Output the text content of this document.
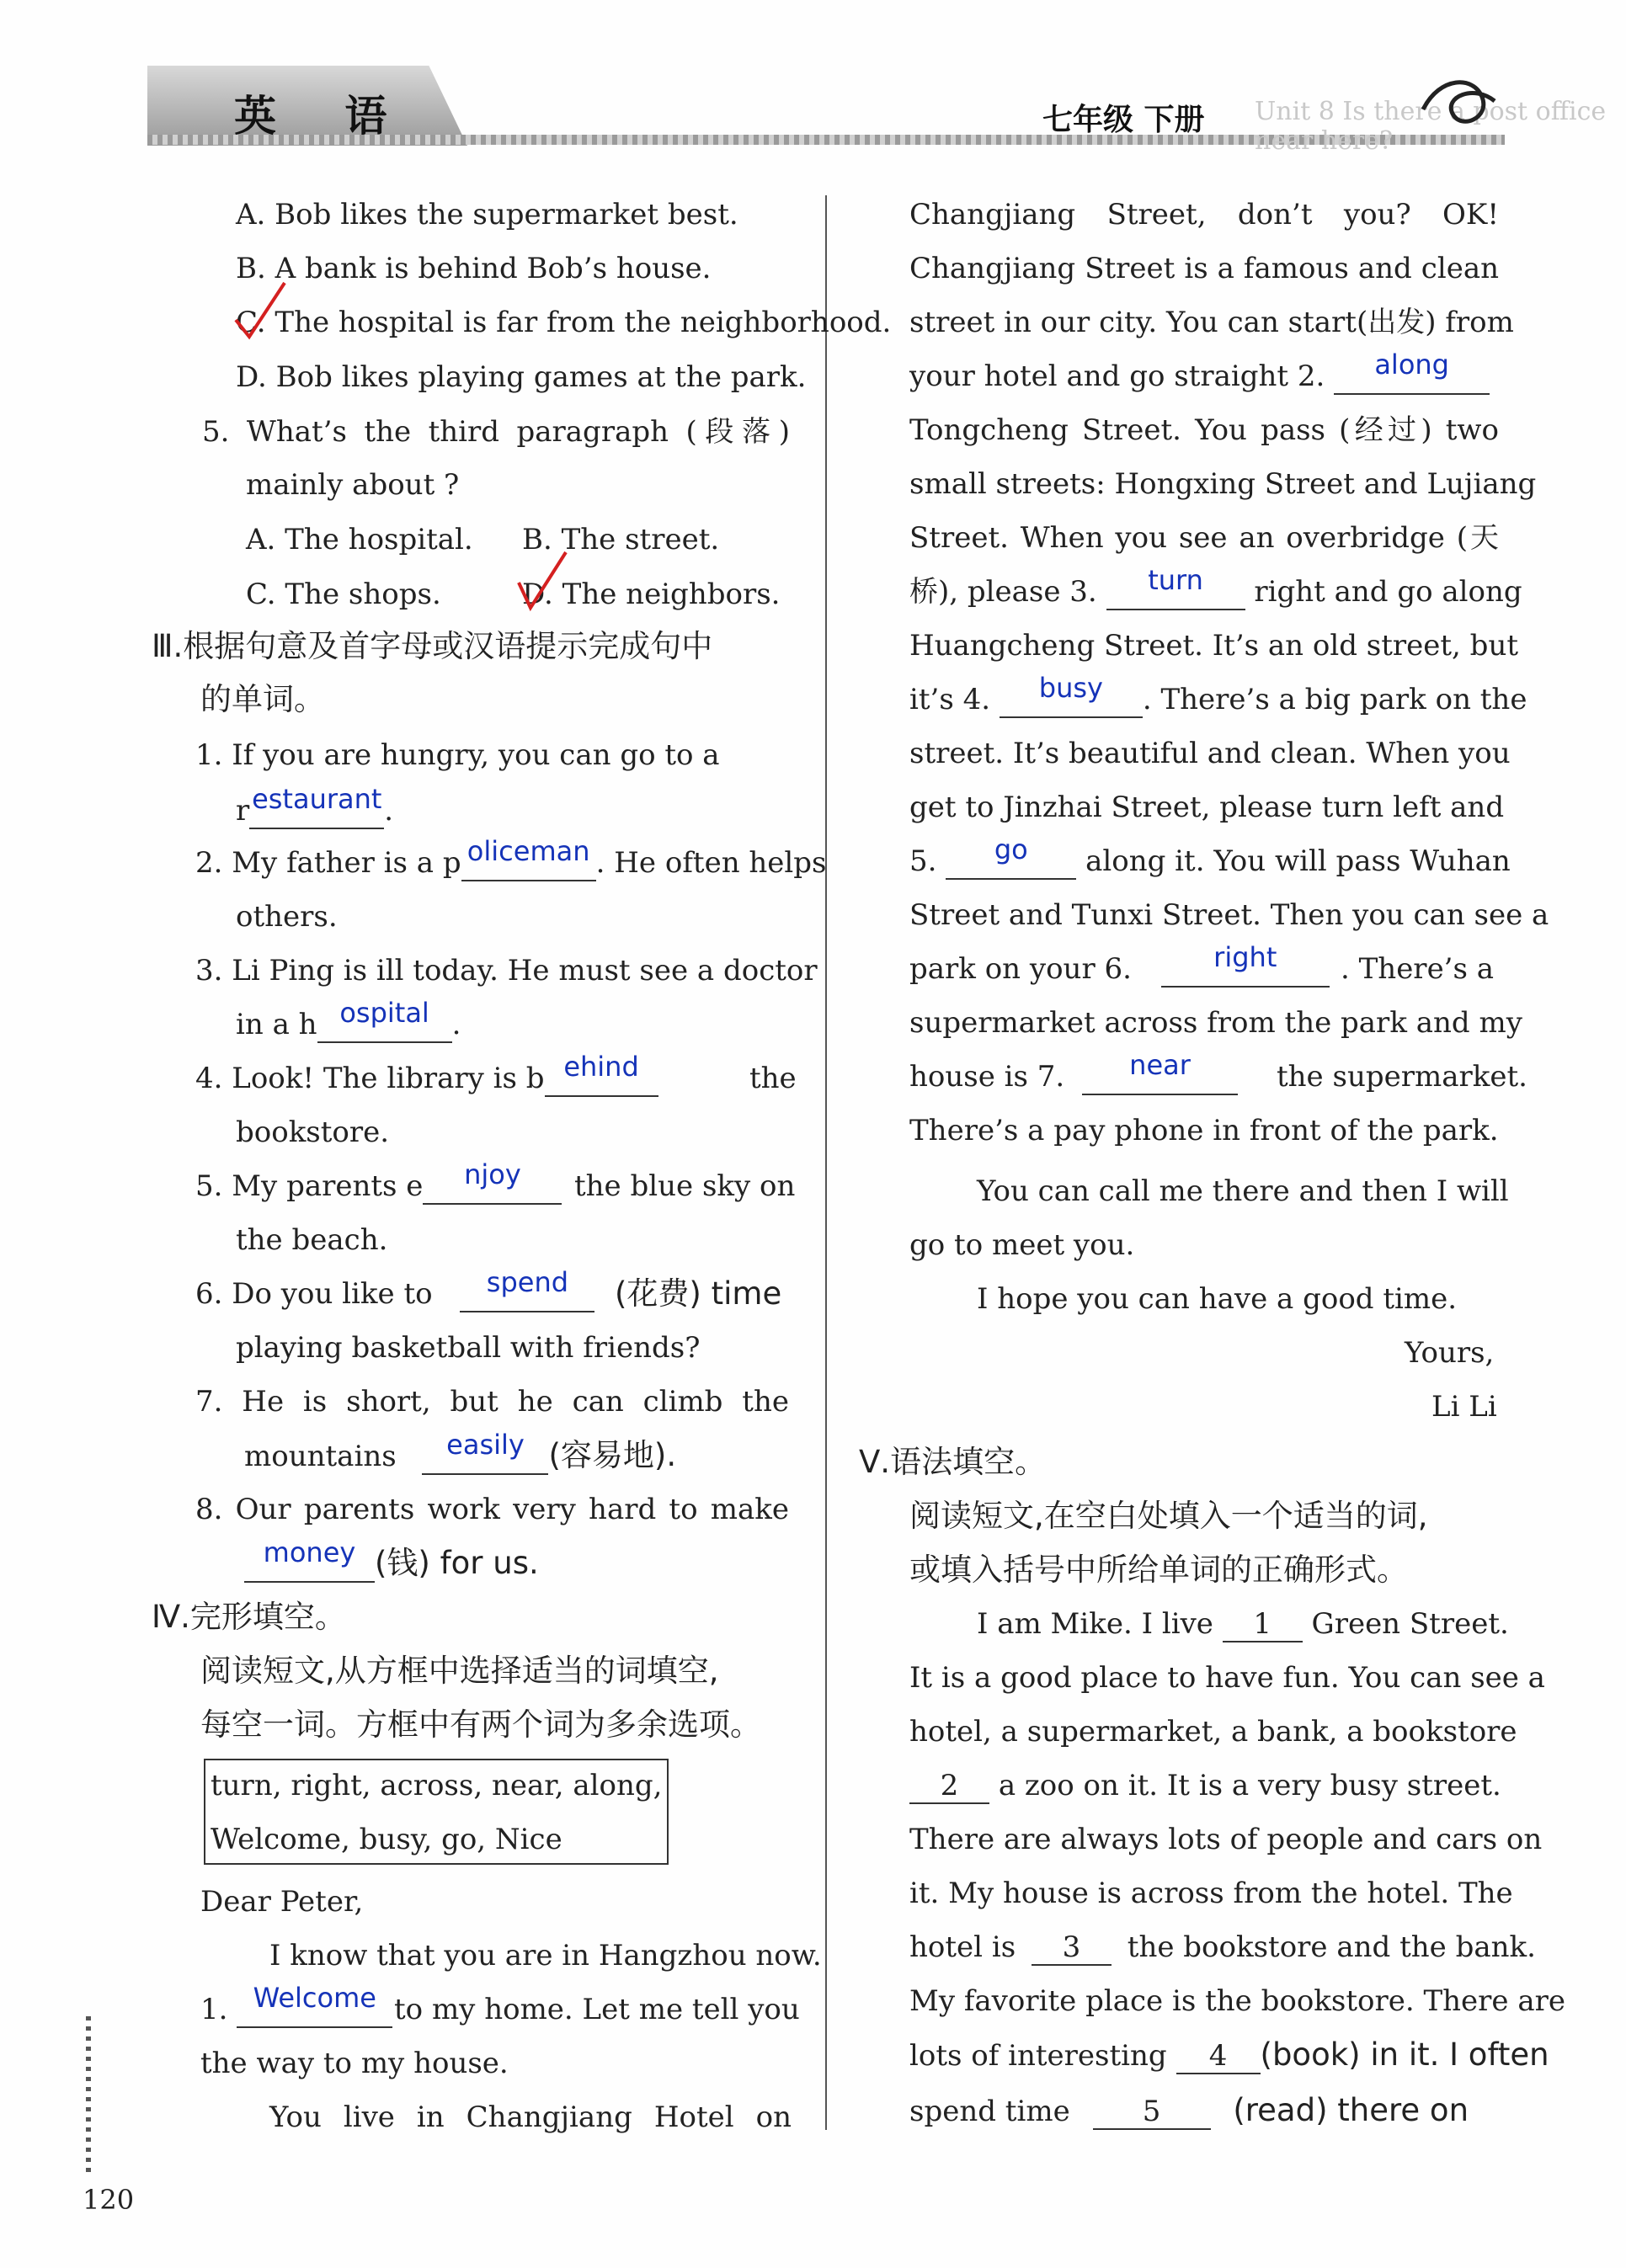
英 语	七年级 下册 Unit 8 Is there a post office near here?
A. Bob likes the supermarket best.
B. A bank is behind Bob’s house.
C. The hospital is far from the neighborhood.
D. Bob likes playing games at the park.
5. What’s the third paragraph (段落)
mainly about ?
A. The hospital. B. The street.
C. The shops.	D. The neighbors.
Ⅲ.根据句意及首字母或汉语提示完成句中
的单词。
1. If you are hungry, you can go to a
restaurant.
2. My father is a p oliceman . He often helps
others.
3. Li Ping is ill today. He must see a doctor
in a h ospital .
4. Look! The library is b ehind	the
bookstore.
5. My parents e njoy	the blue sky on
the beach.
6. Do you like to spend	(花费) time
playing basketball with friends?
7. He is short, but he can climb the
mountains easily (容易地).
8. Our parents work very hard to make
money (钱) for us.
Ⅳ.完形填空。
阅读短文,从方框中选择适当的词填空,
每空一词。方框中有两个词为多余选项。
turn, right, across, near, along,
Welcome, busy, go, Nice
Dear Peter,
I know that you are in Hangzhou now.
1. Welcome to my home. Let me tell you
the way to my house.
You live in Changjiang Hotel on
Changjiang Street, don’t you? OK!
Changjiang Street is a famous and clean
street in our city. You can start(出发) from
your hotel and go straight 2. along
Tongcheng Street. You pass (经过) two
small streets: Hongxing Street and Lujiang
Street. When you see an overbridge (天
桥), please 3. turn right and go along
Huangcheng Street. It’s an old street, but
it’s 4. busy . There’s a big park on the
street. It’s beautiful and clean. When you
get to Jinzhai Street, please turn left and
5. go along it. You will pass Wuhan
Street and Tunxi Street. Then you can see a
park on your 6.	right	. There’s a
supermarket across from the park and my
house is 7. near	the supermarket.
There’s a pay phone in front of the park.
You can call me there and then I will
go to meet you.
I hope you can have a good time.
Yours,
Li Li
Ⅴ.语法填空。
阅读短文,在空白处填入一个适当的词,
或填入括号中所给单词的正确形式。
I am Mike. I live 1 Green Street.
It is a good place to have fun. You can see a
hotel, a supermarket, a bank, a bookstore
2 a zoo on it. It is a very busy street.
There are always lots of people and cars on
it. My house is across from the hotel. The
hotel is 3 the bookstore and the bank.
My favorite place is the bookstore. There are
lots of interesting 4 (book) in it. I often
spend time	5 (read) there on
120
